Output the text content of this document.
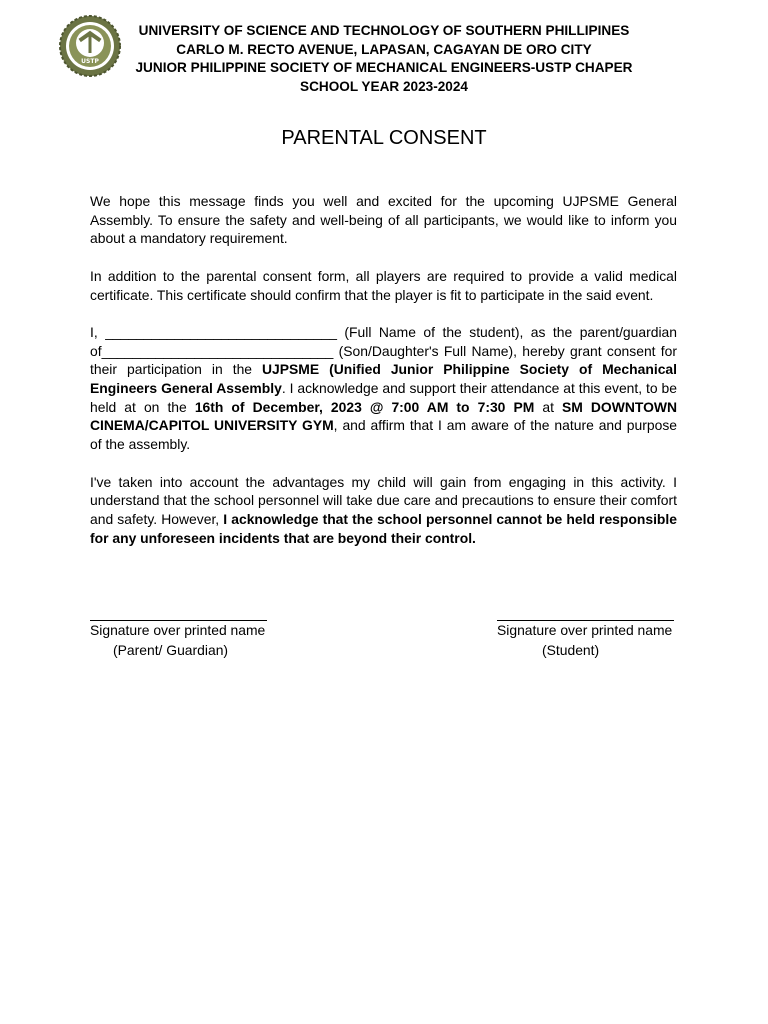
USTP
UNIVERSITY OF SCIENCE AND TECHNOLOGY OF SOUTHERN PHILLIPINES
CARLO M. RECTO AVENUE, LAPASAN, CAGAYAN DE ORO CITY
JUNIOR PHILIPPINE SOCIETY OF MECHANICAL ENGINEERS-USTP CHAPER
SCHOOL YEAR 2023-2024
PARENTAL CONSENT

We hope this message finds you well and excited for the upcoming UJPSME General Assembly. To ensure the safety and well-being of all participants, we would like to inform you about a mandatory requirement.

In addition to the parental consent form, all players are required to provide a valid medical certificate. This certificate should confirm that the player is fit to participate in the said event.

I, ______________________________ (Full Name of the student), as the parent/guardian of______________________________ (Son/Daughter's Full Name), hereby grant consent for their participation in the UJPSME (Unified Junior Philippine Society of Mechanical Engineers General Assembly. I acknowledge and support their attendance at this event, to be held at on the 16th of December, 2023 @ 7:00 AM to 7:30 PM at SM DOWNTOWN CINEMA/CAPITOL UNIVERSITY GYM, and affirm that I am aware of the nature and purpose of the assembly.

I've taken into account the advantages my child will gain from engaging in this activity. I understand that the school personnel will take due care and precautions to ensure their comfort and safety. However, I acknowledge that the school personnel cannot be held responsible for any unforeseen incidents that are beyond their control.

Signature over printed name
(Parent/ Guardian)
Signature over printed name
(Student)
